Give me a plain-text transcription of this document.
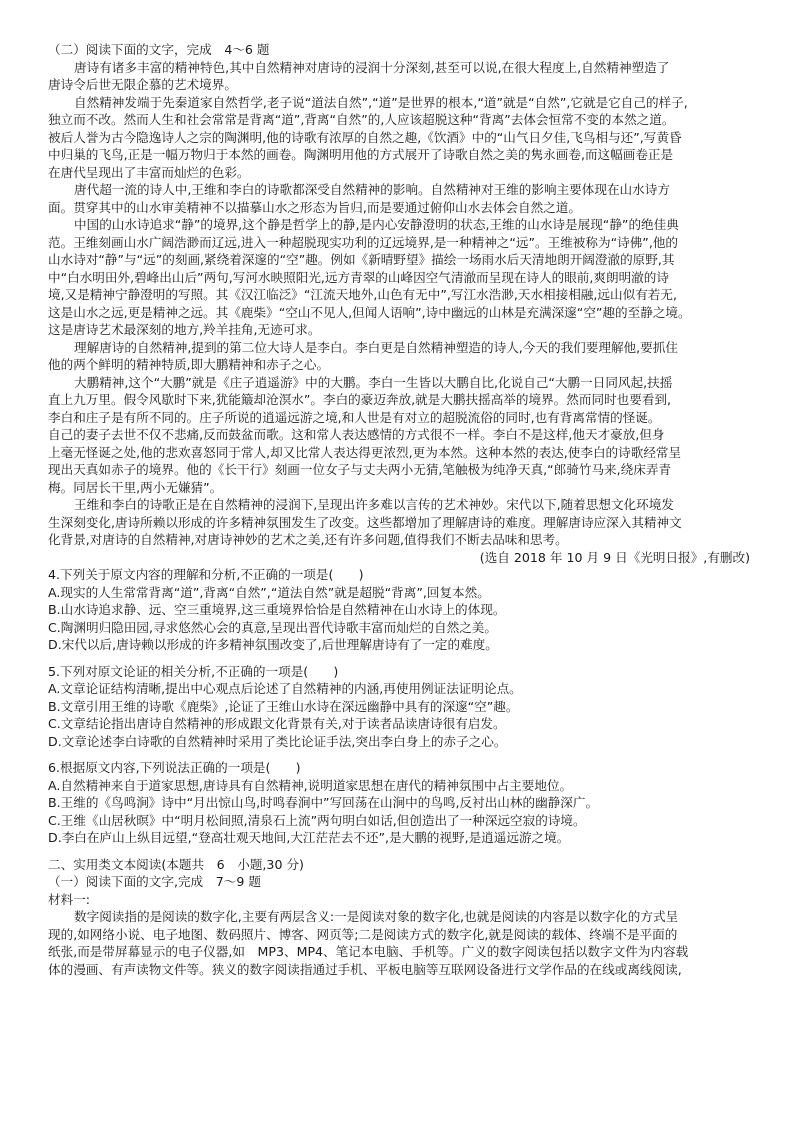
（二）阅读下面的文字，完成　4～6 题
唐诗有诸多丰富的精神特色,其中自然精神对唐诗的浸润十分深刻,甚至可以说,在很大程度上,自然精神塑造了
唐诗令后世无限企慕的艺术境界。
自然精神发端于先秦道家自然哲学,老子说“道法自然”,“道”是世界的根本,“道”就是“自然”,它就是它自己的样子,
独立而不改。然而人生和社会常常是背离“道”,背离“自然”的,人应该超脱这种“背离”去体会恒常不变的本然之道。
被后人誉为古今隐逸诗人之宗的陶渊明,他的诗歌有浓厚的自然之趣,《饮酒》中的“山气日夕佳,飞鸟相与还”,写黄昏
中归巢的飞鸟,正是一幅万物归于本然的画卷。陶渊明用他的方式展开了诗歌自然之美的隽永画卷,而这幅画卷正是
在唐代呈现出了丰富而灿烂的色彩。
唐代超一流的诗人中,王维和李白的诗歌都深受自然精神的影响。自然精神对王维的影响主要体现在山水诗方
面。贯穿其中的山水审美精神不以描摹山水之形态为旨归,而是要通过俯仰山水去体会自然之道。
中国的山水诗追求“静”的境界,这个静是哲学上的静,是内心安静澄明的状态,王维的山水诗是展现“静”的绝佳典
范。王维刻画山水广阔浩渺而辽远,进入一种超脱现实功利的辽远境界,是一种精神之“远”。王维被称为“诗佛”,他的
山水诗对“静”与“远”的刻画,紧绕着深邃的“空”趣。例如《新晴野望》描绘一场雨水后天清地朗开阔澄澈的原野,其
中“白水明田外,碧峰出山后”两句,写河水映照阳光,远方青翠的山峰因空气清澈而呈现在诗人的眼前,爽朗明澈的诗
境,又是精神宁静澄明的写照。其《汉江临泛》“江流天地外,山色有无中”,写江水浩渺,天水相接相融,远山似有若无,
这是山水之远,更是精神之远。其《鹿柴》“空山不见人,但闻人语响”,诗中幽远的山林是充满深邃“空”趣的至静之境。
这是唐诗艺术最深刻的地方,羚羊挂角,无迹可求。
理解唐诗的自然精神,提到的第二位大诗人是李白。李白更是自然精神塑造的诗人,今天的我们要理解他,要抓住
他的两个鲜明的精神特质,即大鹏精神和赤子之心。
大鹏精神,这个“大鹏”就是《庄子逍遥游》中的大鹏。李白一生皆以大鹏自比,化说自己“大鹏一日同风起,扶摇
直上九万里。假令风歇时下来,犹能簸却沧溟水”。李白的豪迈奔放,就是大鹏扶摇高举的境界。然而同时也要看到,
李白和庄子是有所不同的。庄子所说的逍遥远游之境,和人世是有对立的超脱流俗的同时,也有背离常情的怪诞。
自己的妻子去世不仅不悲痛,反而鼓盆而歌。这和常人表达感情的方式很不一样。李白不是这样,他天才豪放,但身
上毫无怪诞之处,他的悲欢喜怒同于常人,却又比常人表达得更浓烈,更为本然。这种本然的表达,使李白的诗歌经常呈
现出天真如赤子的境界。他的《长干行》刻画一位女子与丈夫两小无猜,笔触极为纯净天真,“郎骑竹马来,绕床弄青
梅。同居长干里,两小无嫌猜”。
王维和李白的诗歌正是在自然精神的浸润下,呈现出许多难以言传的艺术神妙。宋代以下,随着思想文化环境发
生深刻变化,唐诗所赖以形成的许多精神氛围发生了改变。这些都增加了理解唐诗的难度。理解唐诗应深入其精神文
化背景,对唐诗的自然精神,对唐诗神妙的艺术之美,还有许多问题,值得我们不断去品味和思考。
(选自 2018 年 10 月 9 日《光明日报》,有删改)
4.下列关于原文内容的理解和分析,不正确的一项是(　　)
A.现实的人生常常背离“道”,背离“自然”,“道法自然”就是超脱“背离”,回复本然。
B.山水诗追求静、远、空三重境界,这三重境界恰恰是自然精神在山水诗上的体现。
C.陶渊明归隐田园,寻求悠然心会的真意,呈现出晋代诗歌丰富而灿烂的自然之美。
D.宋代以后,唐诗赖以形成的许多精神氛围改变了,后世理解唐诗有了一定的难度。
5.下列对原文论证的相关分析,不正确的一项是(　　)
A.文章论证结构清晰,提出中心观点后论述了自然精神的内涵,再使用例证法证明论点。
B.文章引用王维的诗歌《鹿柴》,论证了王维山水诗在深远幽静中具有的深邃“空”趣。
C.文章结论指出唐诗自然精神的形成跟文化背景有关,对于读者品读唐诗很有启发。
D.文章论述李白诗歌的自然精神时采用了类比论证手法,突出李白身上的赤子之心。
6.根据原文内容,下列说法正确的一项是(　　)
A.自然精神来自于道家思想,唐诗具有自然精神,说明道家思想在唐代的精神氛围中占主要地位。
B.王维的《鸟鸣涧》诗中“月出惊山鸟,时鸣春涧中”写回荡在山涧中的鸟鸣,反衬出山林的幽静深广。
C.王维《山居秋暝》中“明月松间照,清泉石上流”两句明白如话,但创造出了一种深远空寂的诗境。
D.李白在庐山上纵目远望,“登高壮观天地间,大江茫茫去不还”,是大鹏的视野,是逍遥远游之境。
二、实用类文本阅读(本题共　6　小题,30 分)
（一）阅读下面的文字,完成　7～9 题
材料一:
数字阅读指的是阅读的数字化,主要有两层含义:一是阅读对象的数字化,也就是阅读的内容是以数字化的方式呈
现的,如网络小说、电子地图、数码照片、博客、网页等;二是阅读方式的数字化,就是阅读的载体、终端不是平面的
纸张,而是带屏幕显示的电子仪器,如　MP3、MP4、笔记本电脑、手机等。广义的数字阅读包括以数字文件为内容载
体的漫画、有声读物文件等。狭义的数字阅读指通过手机、平板电脑等互联网设备进行文学作品的在线或离线阅读,
